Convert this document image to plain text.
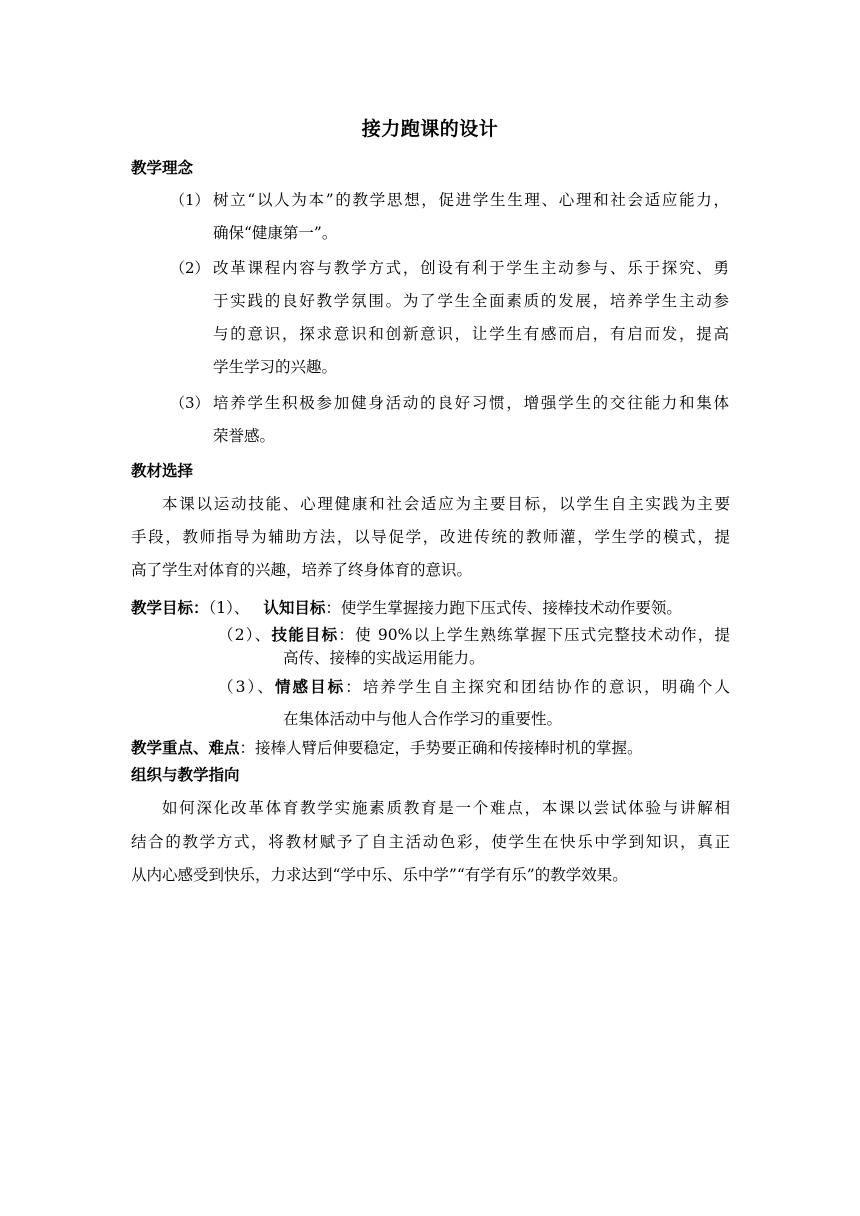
接力跑课的设计
教学理念
（1） 树立“以人为本”的教学思想，促进学生生理、心理和社会适应能力，
确保“健康第一”。
（2） 改革课程内容与教学方式，创设有利于学生主动参与、乐于探究、勇
于实践的良好教学氛围。为了学生全面素质的发展，培养学生主动参
与的意识，探求意识和创新意识，让学生有感而启，有启而发，提高
学生学习的兴趣。
（3） 培养学生积极参加健身活动的良好习惯，增强学生的交往能力和集体
荣誉感。
教材选择
本课以运动技能、心理健康和社会适应为主要目标，以学生自主实践为主要
手段，教师指导为辅助方法，以导促学，改进传统的教师灌，学生学的模式，提
高了学生对体育的兴趣，培养了终身体育的意识。
教学目标：（1）、 认知目标：使学生掌握接力跑下压式传、接棒技术动作要领。
（2）、技能目标：使 90%以上学生熟练掌握下压式完整技术动作，提
高传、接棒的实战运用能力。
（3）、情感目标：培养学生自主探究和团结协作的意识，明确个人
在集体活动中与他人合作学习的重要性。
教学重点、难点：接棒人臂后伸要稳定，手势要正确和传接棒时机的掌握。
组织与教学指向
如何深化改革体育教学实施素质教育是一个难点，本课以尝试体验与讲解相
结合的教学方式，将教材赋予了自主活动色彩，使学生在快乐中学到知识，真正
从内心感受到快乐，力求达到“学中乐、乐中学”“有学有乐”的教学效果。
